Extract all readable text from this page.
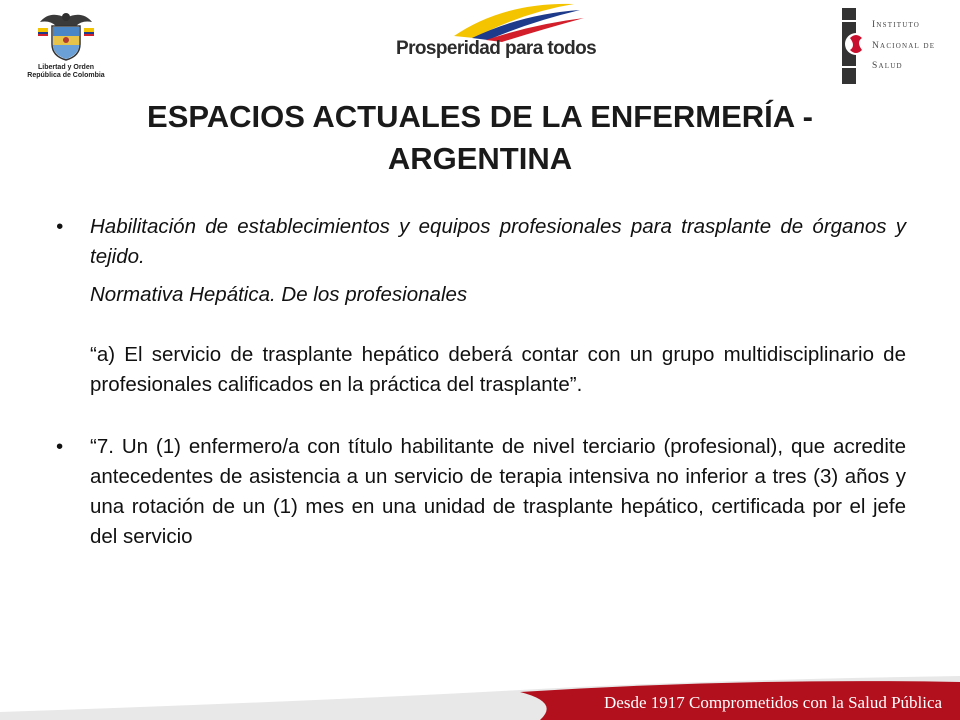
Libertad y Orden
República de Colombia
Prosperidad para todos
Instituto
Nacional de
Salud
ESPACIOS ACTUALES DE LA ENFERMERÍA -
ARGENTINA
• Habilitación de establecimientos y equipos profesionales para trasplante de órganos y tejido.
Normativa Hepática. De los profesionales
“a) El servicio de trasplante hepático deberá contar con un grupo multidisciplinario de profesionales calificados en la práctica del trasplante”.
• “7. Un (1) enfermero/a con título habilitante de nivel terciario (profesional), que acredite antecedentes de asistencia a un servicio de terapia intensiva no inferior a tres (3) años y una rotación de un (1) mes en una unidad de trasplante hepático, certificada por el jefe del servicio
Desde 1917 Comprometidos con la Salud Pública
